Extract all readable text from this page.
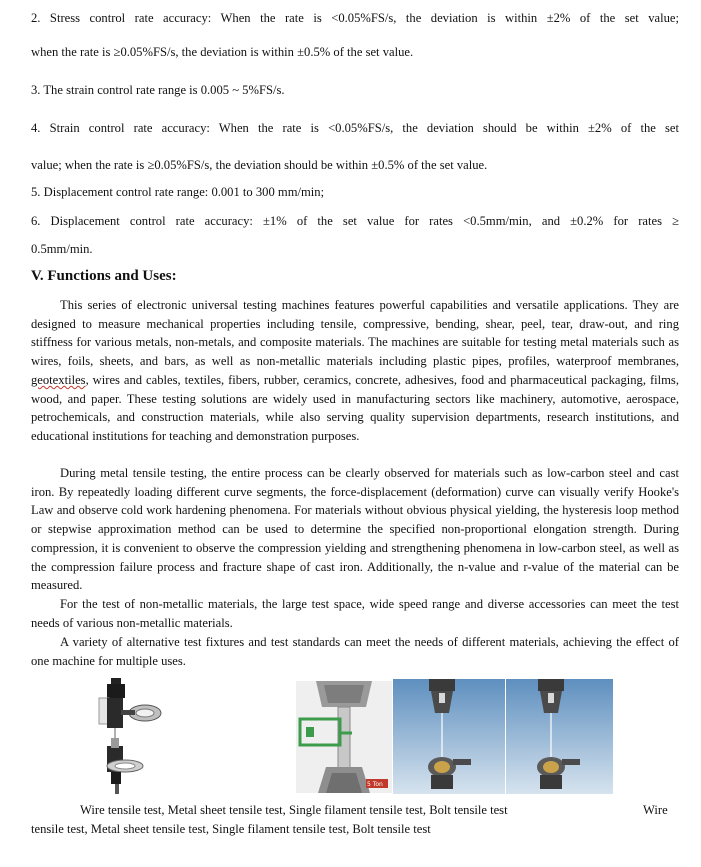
2. Stress control rate accuracy: When the rate is <0.05%FS/s, the deviation is within ±2% of the set value;
when the rate is ≥0.05%FS/s, the deviation is within ±0.5% of the set value.
3. The strain control rate range is 0.005 ~ 5%FS/s.
4. Strain control rate accuracy: When the rate is <0.05%FS/s, the deviation should be within ±2% of the set
value; when the rate is ≥0.05%FS/s, the deviation should be within ±0.5% of the set value.
5. Displacement control rate range: 0.001 to 300 mm/min;
6. Displacement control rate accuracy: ±1% of the set value for rates <0.5mm/min, and ±0.2% for rates ≥
0.5mm/min.
V. Functions and Uses:
This series of electronic universal testing machines features powerful capabilities and versatile applications. They are designed to measure mechanical properties including tensile, compressive, bending, shear, peel, tear, draw-out, and ring stiffness for various metals, non-metals, and composite materials. The machines are suitable for testing metal materials such as wires, foils, sheets, and bars, as well as non-metallic materials including plastic pipes, profiles, waterproof membranes, geotextiles, wires and cables, textiles, fibers, rubber, ceramics, concrete, adhesives, food and pharmaceutical packaging, films, wood, and paper. These testing solutions are widely used in manufacturing sectors like machinery, automotive, aerospace, petrochemicals, and construction materials, while also serving quality supervision departments, research institutions, and educational institutions for teaching and demonstration purposes.
During metal tensile testing, the entire process can be clearly observed for materials such as low-carbon steel and cast iron. By repeatedly loading different curve segments, the force-displacement (deformation) curve can visually verify Hooke's Law and observe cold work hardening phenomena. For materials without obvious physical yielding, the hysteresis loop method or stepwise approximation method can be used to determine the specified non-proportional elongation strength. During compression, it is convenient to observe the compression yielding and strengthening phenomena in low-carbon steel, as well as the compression failure process and fracture shape of cast iron. Additionally, the n-value and r-value of the material can be measured.
For the test of non-metallic materials, the large test space, wide speed range and diverse accessories can meet the test needs of various non-metallic materials.
A variety of alternative test fixtures and test standards can meet the needs of different materials, achieving the effect of one machine for multiple uses.
5 Ton
Wire tensile test, Metal sheet tensile test, Single filament tensile test, Bolt tensile test	Wire
tensile test, Metal sheet tensile test, Single filament tensile test, Bolt tensile test
